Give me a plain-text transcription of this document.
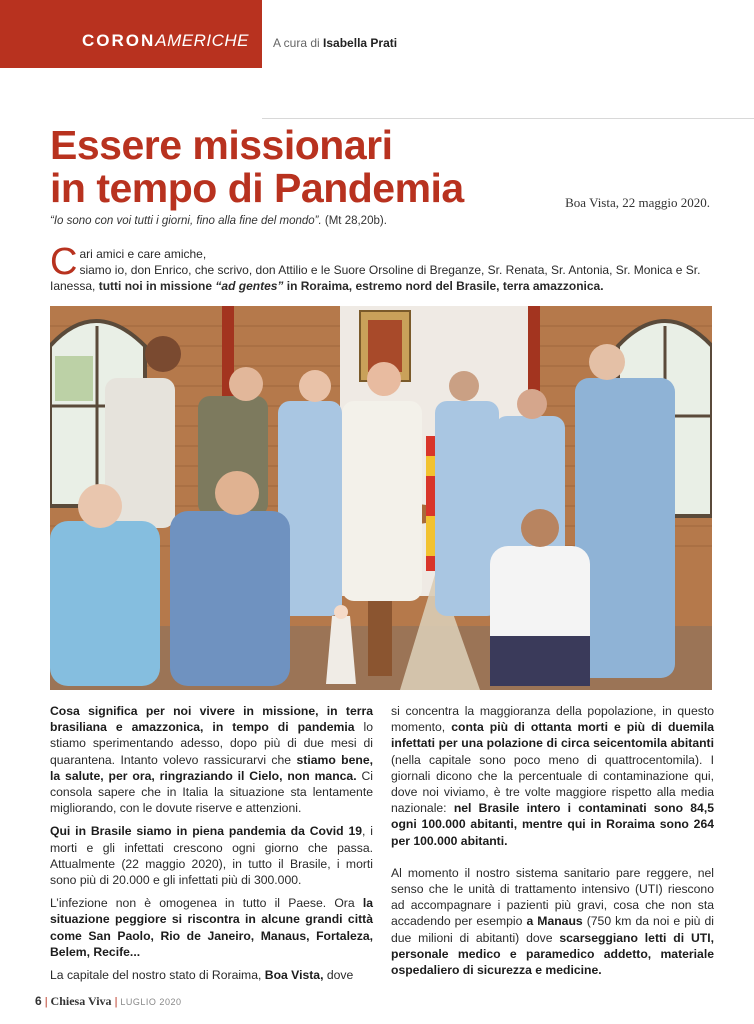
CORONAMERICHE A cura di Isabella Prati
Essere missionari
in tempo di Pandemia	Boa Vista, 22 maggio 2020.
“Io sono con voi tutti i giorni, fino alla fine del mondo”. (Mt 28,20b).
Cari amici e care amiche,
siamo io, don Enrico, che scrivo, don Attilio e le Suore Orsoline di Breganze, Sr. Renata, Sr. Antonia, Sr. Monica e Sr. Ianessa, tutti noi in missione “ad gentes” in Roraima, estremo nord del Brasile, terra amazzonica.

Cosa significa per noi vivere in missione, in terra brasiliana e amazzonica, in tempo di pandemia lo stiamo sperimentando adesso, dopo più di due mesi di quarantena. Intanto volevo rassicurarvi che stiamo bene, la salute, per ora, ringraziando il Cielo, non manca. Ci consola sapere che in Italia la situazione sta lentamente migliorando, con le dovute riserve e attenzioni.

Qui in Brasile siamo in piena pandemia da Covid 19, i morti e gli infettati crescono ogni giorno che passa. Attualmente (22 maggio 2020), in tutto il Brasile, i morti sono più di 20.000 e gli infettati più di 300.000.

L’infezione non è omogenea in tutto il Paese. Ora la situazione peggiore si riscontra in alcune grandi città come San Paolo, Rio de Janeiro, Manaus, Fortaleza, Belem, Recife...

La capitale del nostro stato di Roraima, Boa Vista, dove

si concentra la maggioranza della popolazione, in questo momento, conta più di ottanta morti e più di duemila infettati per una polazione di circa seicentomila abitanti (nella capitale sono poco meno di quattrocentomila). I giornali dicono che la percentuale di contaminazione qui, dove noi viviamo, è tre volte maggiore rispetto alla media nazionale: nel Brasile intero i contaminati sono 84,5 ogni 100.000 abitanti, mentre qui in Roraima sono 264 per 100.000 abitanti.

Al momento il nostro sistema sanitario pare reggere, nel senso che le unità di trattamento intensivo (UTI) riescono ad accompagnare i pazienti più gravi, cosa che non sta accadendo per esempio a Manaus (750 km da noi e più di due milioni di abitanti) dove scarseggiano letti di UTI, personale medico e paramedico addetto, materiale ospedaliero di sicurezza e medicine.

6 | Chiesa Viva | LUGLIO 2020
